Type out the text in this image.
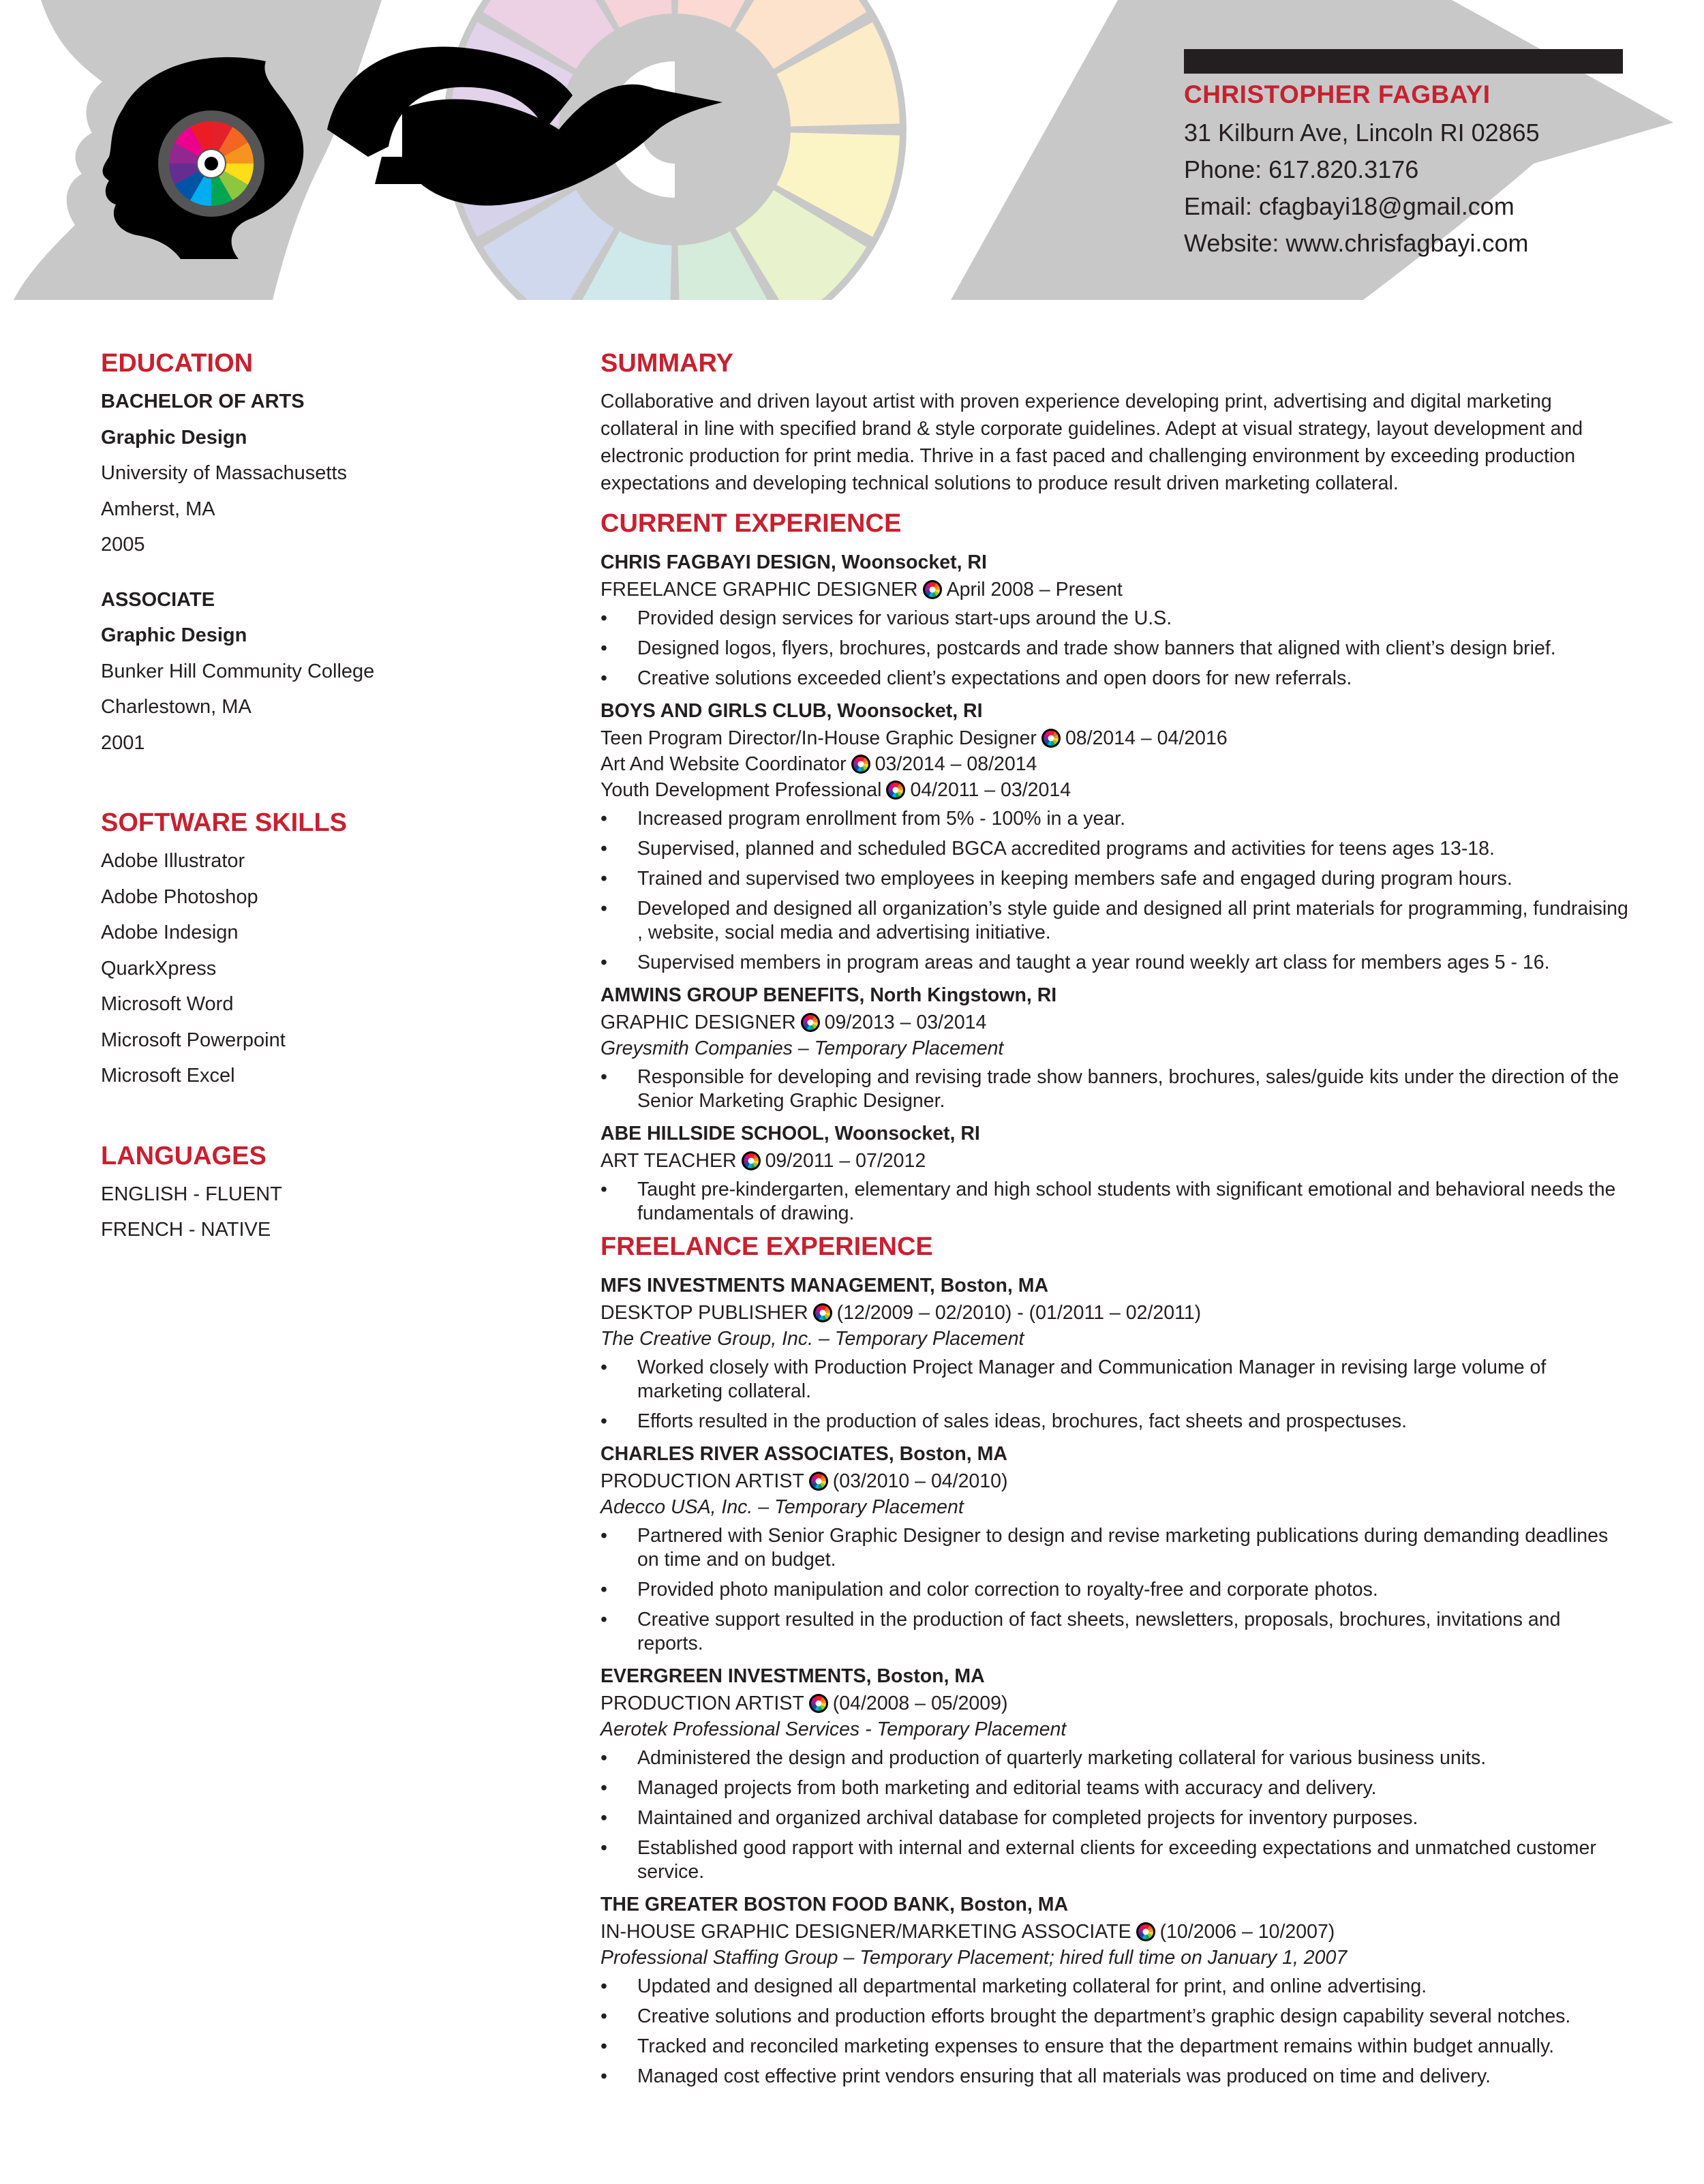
CHRISTOPHER FAGBAYI
31 Kilburn Ave, Lincoln RI 02865
Phone: 617.820.3176
Email: cfagbayi18@gmail.com
Website: www.chrisfagbayi.com
EDUCATION
BACHELOR OF ARTS
Graphic Design
University of Massachusetts
Amherst, MA
2005
ASSOCIATE
Graphic Design
Bunker Hill Community College
Charlestown, MA
2001
SOFTWARE SKILLS
Adobe Illustrator
Adobe Photoshop
Adobe Indesign
QuarkXpress
Microsoft Word
Microsoft Powerpoint
Microsoft Excel
LANGUAGES
ENGLISH - FLUENT
FRENCH - NATIVE
SUMMARY

Collaborative and driven layout artist with proven experience developing print, advertising and digital marketing collateral in line with specified brand & style corporate guidelines. Adept at visual strategy, layout development and electronic production for print media. Thrive in a fast paced and challenging environment by exceeding production expectations and developing technical solutions to produce result driven marketing collateral.

CURRENT EXPERIENCE
CHRIS FAGBAYI DESIGN, Woonsocket, RI
FREELANCE GRAPHIC DESIGNER April 2008 – Present
• Provided design services for various start-ups around the U.S.
• Designed logos, flyers, brochures, postcards and trade show banners that aligned with client’s design brief.
• Creative solutions exceeded client’s expectations and open doors for new referrals.
BOYS AND GIRLS CLUB, Woonsocket, RI
Teen Program Director/In-House Graphic Designer 08/2014 – 04/2016
Art And Website Coordinator 03/2014 – 08/2014
Youth Development Professional 04/2011 – 03/2014
• Increased program enrollment from 5% - 100% in a year.
• Supervised, planned and scheduled BGCA accredited programs and activities for teens ages 13-18.
• Trained and supervised two employees in keeping members safe and engaged during program hours.
• Developed and designed all organization’s style guide and designed all print materials for programming, fundraising , website, social media and advertising initiative.
• Supervised members in program areas and taught a year round weekly art class for members ages 5 - 16.
AMWINS GROUP BENEFITS, North Kingstown, RI
GRAPHIC DESIGNER 09/2013 – 03/2014
Greysmith Companies – Temporary Placement
• Responsible for developing and revising trade show banners, brochures, sales/guide kits under the direction of the Senior Marketing Graphic Designer.
ABE HILLSIDE SCHOOL, Woonsocket, RI
ART TEACHER 09/2011 – 07/2012
• Taught pre-kindergarten, elementary and high school students with significant emotional and behavioral needs the fundamentals of drawing.
FREELANCE EXPERIENCE
MFS INVESTMENTS MANAGEMENT, Boston, MA
DESKTOP PUBLISHER (12/2009 – 02/2010) - (01/2011 – 02/2011)
The Creative Group, Inc. – Temporary Placement
• Worked closely with Production Project Manager and Communication Manager in revising large volume of marketing collateral.
• Efforts resulted in the production of sales ideas, brochures, fact sheets and prospectuses.
CHARLES RIVER ASSOCIATES, Boston, MA
PRODUCTION ARTIST (03/2010 – 04/2010)
Adecco USA, Inc. – Temporary Placement
• Partnered with Senior Graphic Designer to design and revise marketing publications during demanding deadlines on time and on budget.
• Provided photo manipulation and color correction to royalty-free and corporate photos.
• Creative support resulted in the production of fact sheets, newsletters, proposals, brochures, invitations and reports.
EVERGREEN INVESTMENTS, Boston, MA
PRODUCTION ARTIST (04/2008 – 05/2009)
Aerotek Professional Services - Temporary Placement
• Administered the design and production of quarterly marketing collateral for various business units.
• Managed projects from both marketing and editorial teams with accuracy and delivery.
• Maintained and organized archival database for completed projects for inventory purposes.
• Established good rapport with internal and external clients for exceeding expectations and unmatched customer service.
THE GREATER BOSTON FOOD BANK, Boston, MA
IN-HOUSE GRAPHIC DESIGNER/MARKETING ASSOCIATE (10/2006 – 10/2007)
Professional Staffing Group – Temporary Placement; hired full time on January 1, 2007
• Updated and designed all departmental marketing collateral for print, and online advertising.
• Creative solutions and production efforts brought the department’s graphic design capability several notches.
• Tracked and reconciled marketing expenses to ensure that the department remains within budget annually.
• Managed cost effective print vendors ensuring that all materials was produced on time and delivery.
